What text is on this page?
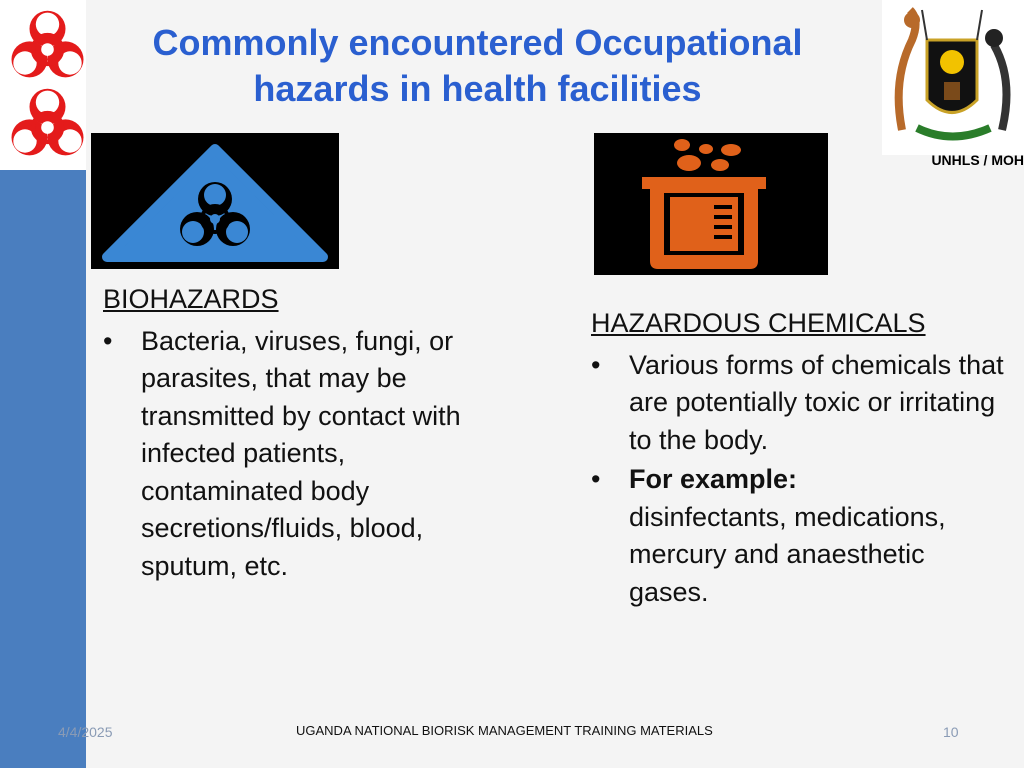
Commonly encountered Occupational
hazards in health facilities
UNHLS / MOH
BIOHAZARDS
• Bacteria, viruses, fungi, or parasites, that may be transmitted by contact with infected patients, contaminated body secretions/fluids, blood, sputum, etc.
HAZARDOUS CHEMICALS
• Various forms of chemicals that are potentially toxic or irritating to the body.
• For example:
disinfectants, medications, mercury and anaesthetic gases.
4/4/2025	UGANDA NATIONAL BIORISK MANAGEMENT TRAINING MATERIALS	10
